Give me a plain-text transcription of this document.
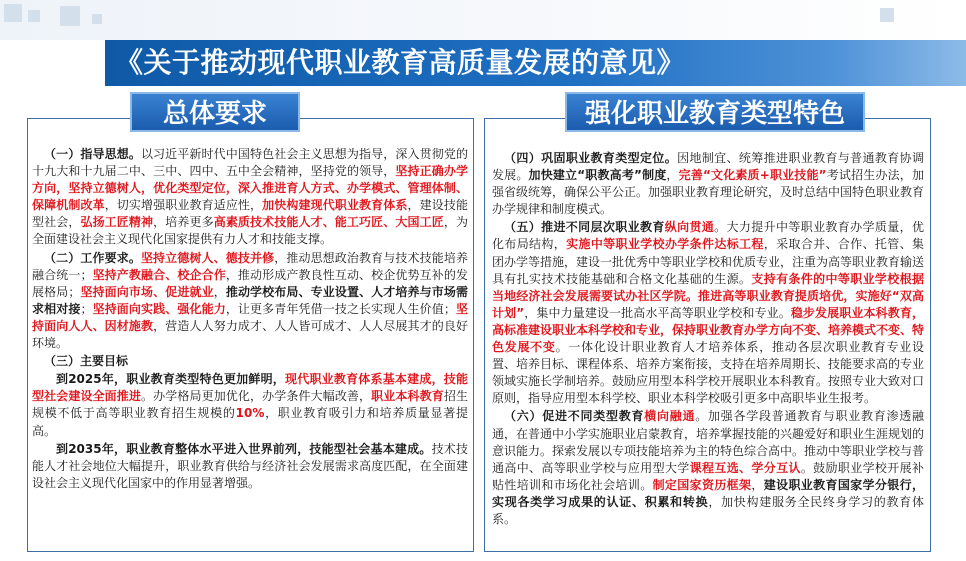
《关于推动现代职业教育高质量发展的意见》
总体要求	强化职业教育类型特色

（一）指导思想。以习近平新时代中国特色社会主义思想为指导，深入贯彻党的十九大和十九届二中、三中、四中、五中全会精神，坚持党的领导，坚持正确办学方向，坚持立德树人，优化类型定位，深入推进育人方式、办学模式、管理体制、保障机制改革，切实增强职业教育适应性，加快构建现代职业教育体系，建设技能型社会，弘扬工匠精神，培养更多高素质技术技能人才、能工巧匠、大国工匠，为全面建设社会主义现代化国家提供有力人才和技能支撑。

（二）工作要求。坚持立德树人、德技并修，推动思想政治教育与技术技能培养融合统一；坚持产教融合、校企合作，推动形成产教良性互动、校企优势互补的发展格局；坚持面向市场、促进就业，推动学校布局、专业设置、人才培养与市场需求相对接；坚持面向实践、强化能力，让更多青年凭借一技之长实现人生价值；坚持面向人人、因材施教，营造人人努力成才、人人皆可成才、人人尽展其才的良好环境。

（三）主要目标

到2025年，职业教育类型特色更加鲜明，现代职业教育体系基本建成，技能型社会建设全面推进。办学格局更加优化，办学条件大幅改善，职业本科教育招生规模不低于高等职业教育招生规模的10%，职业教育吸引力和培养质量显著提高。

到2035年，职业教育整体水平进入世界前列，技能型社会基本建成。技术技能人才社会地位大幅提升，职业教育供给与经济社会发展需求高度匹配，在全面建设社会主义现代化国家中的作用显著增强。

（四）巩固职业教育类型定位。因地制宜、统筹推进职业教育与普通教育协调发展。加快建立“职教高考”制度，完善“文化素质+职业技能”考试招生办法，加强省级统筹，确保公平公正。加强职业教育理论研究，及时总结中国特色职业教育办学规律和制度模式。

（五）推进不同层次职业教育纵向贯通。大力提升中等职业教育办学质量，优化布局结构，实施中等职业学校办学条件达标工程，采取合并、合作、托管、集团办学等措施，建设一批优秀中等职业学校和优质专业，注重为高等职业教育输送具有扎实技术技能基础和合格文化基础的生源。支持有条件的中等职业学校根据当地经济社会发展需要试办社区学院。推进高等职业教育提质培优，实施好“双高计划”，集中力量建设一批高水平高等职业学校和专业。稳步发展职业本科教育，高标准建设职业本科学校和专业，保持职业教育办学方向不变、培养模式不变、特色发展不变。一体化设计职业教育人才培养体系，推动各层次职业教育专业设置、培养目标、课程体系、培养方案衔接，支持在培养周期长、技能要求高的专业领域实施长学制培养。鼓励应用型本科学校开展职业本科教育。按照专业大致对口原则，指导应用型本科学校、职业本科学校吸引更多中高职毕业生报考。

（六）促进不同类型教育横向融通。加强各学段普通教育与职业教育渗透融通，在普通中小学实施职业启蒙教育，培养掌握技能的兴趣爱好和职业生涯规划的意识能力。探索发展以专项技能培养为主的特色综合高中。推动中等职业学校与普通高中、高等职业学校与应用型大学课程互选、学分互认。鼓励职业学校开展补贴性培训和市场化社会培训。制定国家资历框架，建设职业教育国家学分银行，实现各类学习成果的认证、积累和转换，加快构建服务全民终身学习的教育体系。
